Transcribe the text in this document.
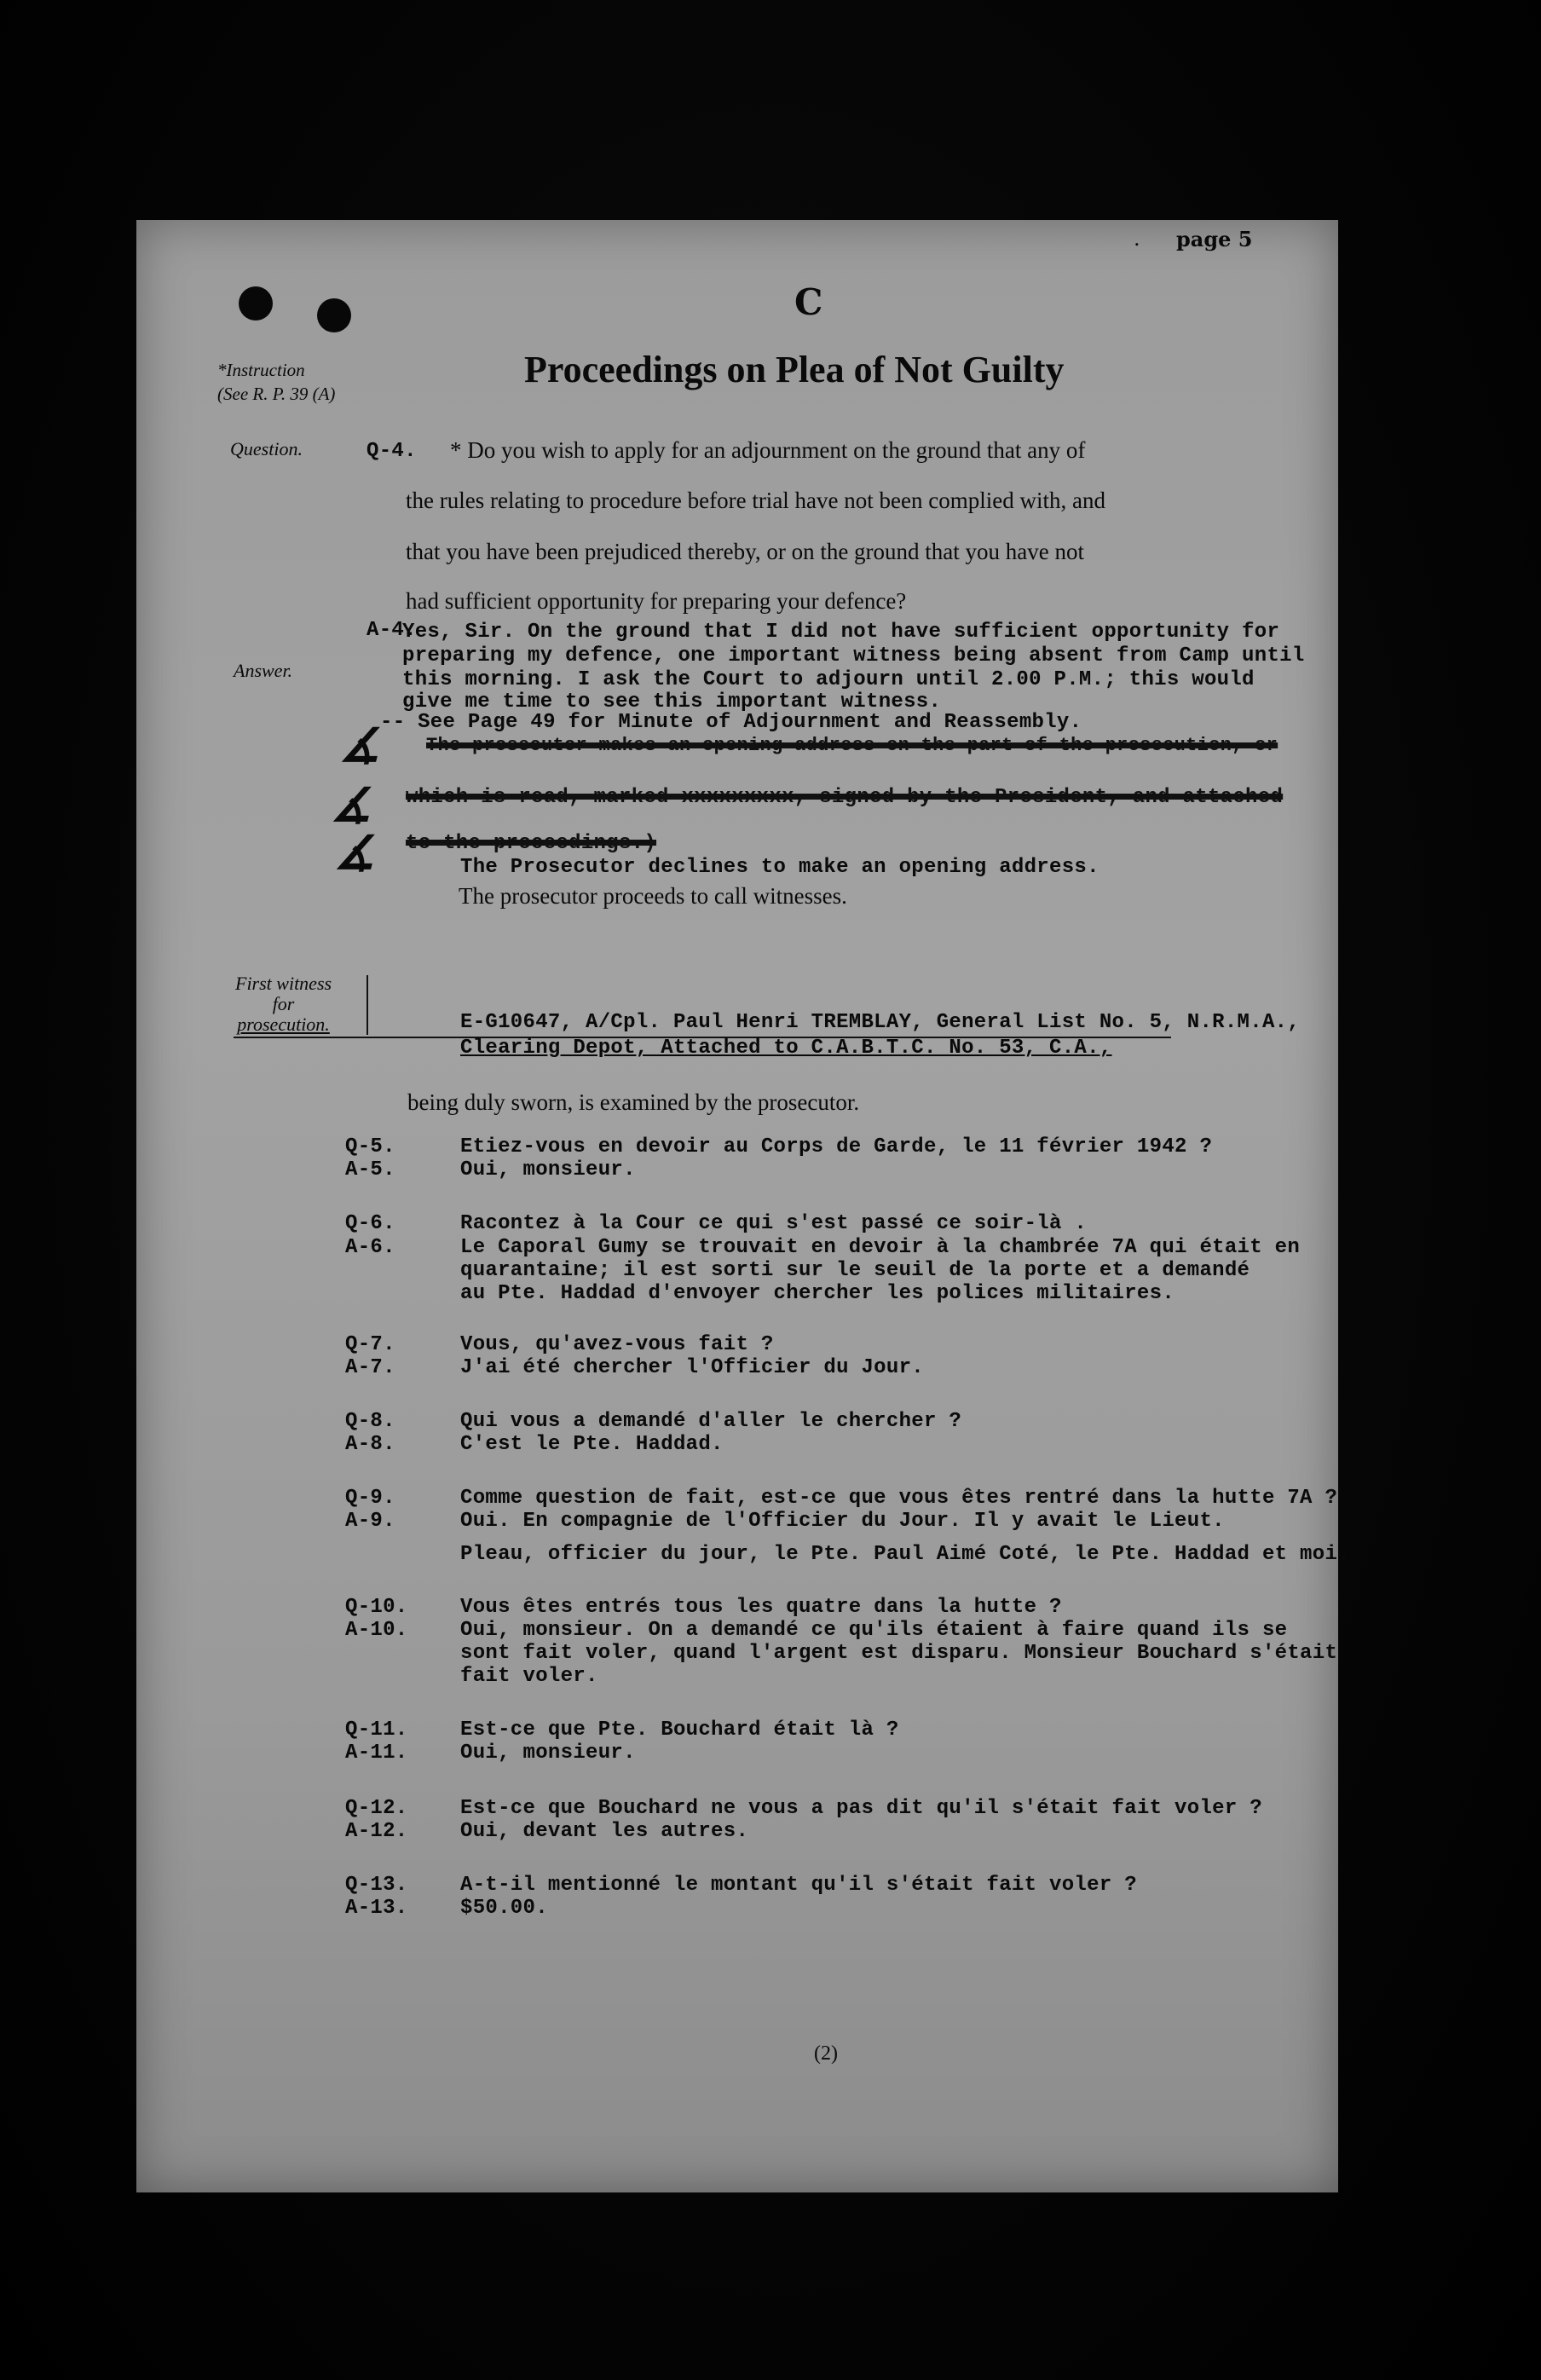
. page 5
C
*Instruction
(See R. P. 39 (A)
Proceedings on Plea of Not Guilty
Question.
Answer.
Q-4. * Do you wish to apply for an adjournment on the ground that any of
the rules relating to procedure before trial have not been complied with, and
that you have been prejudiced thereby, or on the ground that you have not
had sufficient opportunity for preparing your defence?
A-4.
Yes, Sir. On the ground that I did not have sufficient opportunity for
preparing my defence, one important witness being absent from Camp until
this morning. I ask the Court to adjourn until 2.00 P.M.; this would
give me time to see this important witness.
-- See Page 49 for Minute of Adjournment and Reassembly.
∡
∡
∡
The prosecutor makes an opening address on the part of the prosecution, or
which is read, marked xxxxxxxxx, signed by the President, and attached
to the proceedings.)
The Prosecutor declines to make an opening address.
The prosecutor proceeds to call witnesses.
First witness
for
prosecution.	E-G10647, A/Cpl. Paul Henri TREMBLAY, General List No. 5, N.R.M.A.,
Clearing Depot, Attached to C.A.B.T.C. No. 53, C.A.,
being duly sworn, is examined by the prosecutor.
Q-5.	Etiez-vous en devoir au Corps de Garde, le 11 février 1942 ?
A-5.	Oui, monsieur.
Q-6.	Racontez à la Cour ce qui s'est passé ce soir-là .
A-6.	Le Caporal Gumy se trouvait en devoir à la chambrée 7A qui était en
quarantaine; il est sorti sur le seuil de la porte et a demandé
au Pte. Haddad d'envoyer chercher les polices militaires.
Q-7.	Vous, qu'avez-vous fait ?
A-7.	J'ai été chercher l'Officier du Jour.
Q-8.	Qui vous a demandé d'aller le chercher ?
A-8.	C'est le Pte. Haddad.
Q-9.	Comme question de fait, est-ce que vous êtes rentré dans la hutte 7A ?
A-9.	Oui. En compagnie de l'Officier du Jour. Il y avait le Lieut.
Pleau, officier du jour, le Pte. Paul Aimé Coté, le Pte. Haddad et moi.
Q-10.	Vous êtes entrés tous les quatre dans la hutte ?
A-10.	Oui, monsieur. On a demandé ce qu'ils étaient à faire quand ils se
sont fait voler, quand l'argent est disparu. Monsieur Bouchard s'était
fait voler.
Q-11.	Est-ce que Pte. Bouchard était là ?
A-11.	Oui, monsieur.
Q-12.	Est-ce que Bouchard ne vous a pas dit qu'il s'était fait voler ?
A-12.	Oui, devant les autres.
Q-13.	A-t-il mentionné le montant qu'il s'était fait voler ?
A-13.	$50.00.
(2)
